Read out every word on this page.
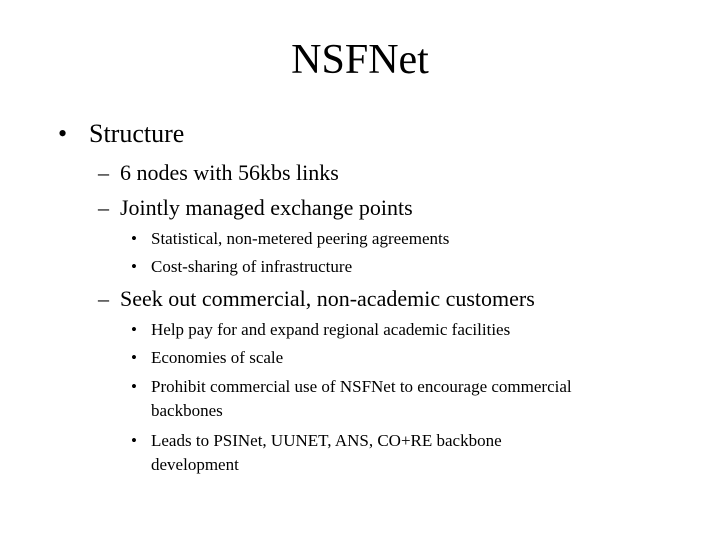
NSFNet
• Structure
– 6 nodes with 56kbs links
– Jointly managed exchange points
• Statistical, non-metered peering agreements
• Cost-sharing of infrastructure
– Seek out commercial, non-academic customers
• Help pay for and expand regional academic facilities
• Economies of scale
• Prohibit commercial use of NSFNet to encourage commercial
backbones
• Leads to PSINet, UUNET, ANS, CO+RE backbone
development
